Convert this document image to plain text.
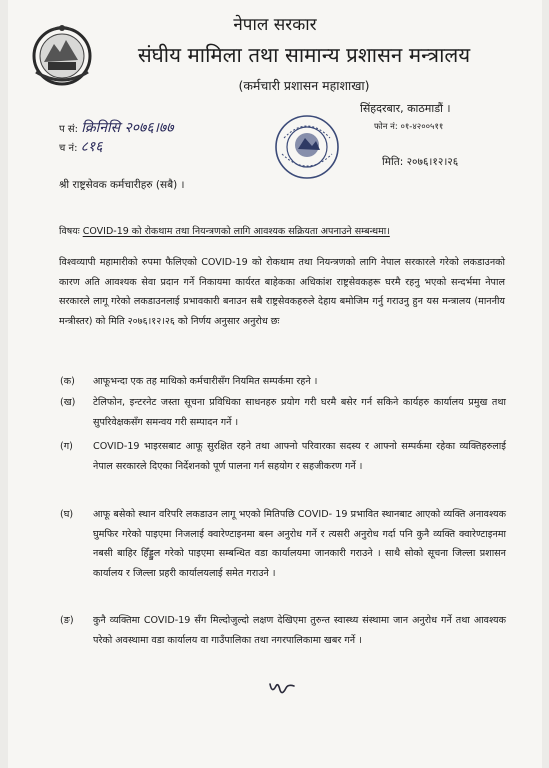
नेपाल सरकार
संघीय मामिला तथा सामान्य प्रशासन मन्त्रालय
(कर्मचारी प्रशासन महाशाखा)
सिंहदरबार, काठमाडौं ।
फोन नं: ०१-४२००५११
प सं: क्रिनिसि २०७६।७७
च नं: ८१६
मिति: २०७६।१२।२६
श्री राष्ट्रसेवक कर्मचारीहरु (सबै) ।
विषयः COVID-19 को रोकथाम तथा नियन्त्रणको लागि आवश्यक सक्रियता अपनाउने सम्बन्धमा।
विश्वव्यापी महामारीको रुपमा फैलिएको COVID-19 को रोकथाम तथा नियन्त्रणको लागि नेपाल सरकारले गरेको लकडाउनको कारण अति आवश्यक सेवा प्रदान गर्ने निकायमा कार्यरत बाहेकका अधिकांश राष्ट्रसेवकहरू घरमै रहनु भएको सन्दर्भमा नेपाल सरकारले लागू गरेको लकडाउनलाई प्रभावकारी बनाउन सबै राष्ट्रसेवकहरुले देहाय बमोजिम गर्नु गराउनु हुन यस मन्त्रालय (माननीय मन्त्रीस्तर) को मिति २०७६।१२।२६ को निर्णय अनुसार अनुरोध छः
(क)	आफूभन्दा एक तह माथिको कर्मचारीसँग नियमित सम्पर्कमा रहने ।
(ख)	टेलिफोन, इन्टरनेट जस्ता सूचना प्रविधिका साधनहरु प्रयोग गरी घरमै बसेर गर्न सकिने कार्यहरु कार्यालय प्रमुख तथा सुपरिवेक्षकसँग समन्वय गरी सम्पादन गर्ने ।
(ग)	COVID-19 भाइरसबाट आफू सुरक्षित रहने तथा आफ्नो परिवारका सदस्य र आफ्नो सम्पर्कमा रहेका व्यक्तिहरुलाई नेपाल सरकारले दिएका निर्देशनको पूर्ण पालना गर्न सहयोग र सहजीकरण गर्ने ।
(घ)	आफू बसेको स्थान वरिपरि लकडाउन लागू भएको मितिपछि COVID- 19 प्रभावित स्थानबाट आएको व्यक्ति अनावश्यक घुमफिर गरेको पाइएमा निजलाई क्वारेण्टाइनमा बस्न अनुरोध गर्ने र त्यसरी अनुरोध गर्दा पनि कुनै व्यक्ति क्वारेण्टाइनमा नबसी बाहिर हिँड्डुल गरेको पाइएमा सम्बन्धित वडा कार्यालयमा जानकारी गराउने । साथै सोको सूचना जिल्ला प्रशासन कार्यालय र जिल्ला प्रहरी कार्यालयलाई समेत गराउने ।
(ङ)	कुनै व्यक्तिमा COVID-19 सँग मिल्दोजुल्दो लक्षण देखिएमा तुरुन्त स्वास्थ्य संस्थामा जान अनुरोध गर्ने तथा आवश्यक परेको अवस्थामा वडा कार्यालय वा गाउँपालिका तथा नगरपालिकामा खबर गर्ने ।
